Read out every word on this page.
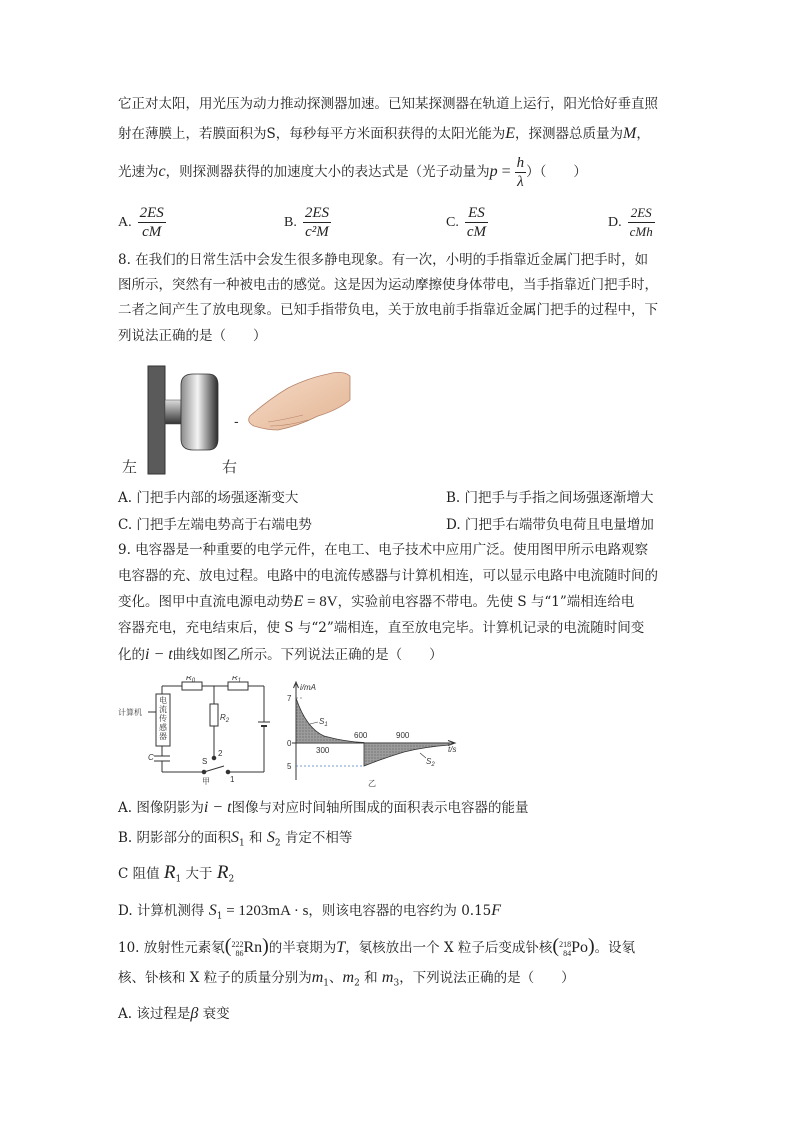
它正对太阳，用光压为动力推动探测器加速。已知某探测器在轨道上运行，阳光恰好垂直照
射在薄膜上，若膜面积为S，每秒每平方米面积获得的太阳光能为E，探测器总质量为M，
光速为c，则探测器获得的加速度大小的表达式是（光子动量为$p = \frac{h}{\lambda}$ ）（　　）
A. $\frac{2ES}{cM}$	B. $\frac{2ES}{\text{c²M}}$	C. $\frac{ES}{cM}$	D. $\frac{2ES}{\text{cMh}}$
8. 在我们的日常生活中会发生很多静电现象。有一次，小明的手指靠近金属门把手时，如
图所示，突然有一种被电击的感觉。这是因为运动摩擦使身体带电，当手指靠近门把手时，
二者之间产生了放电现象。已知手指带负电，关于放电前手指靠近金属门把手的过程中，下
列说法正确的是（　　）
-
左	右
A. 门把手内部的场强逐渐变大	B. 门把手与手指之间场强逐渐增大
C. 门把手左端电势高于右端电势	D. 门把手右端带负电荷且电量增加
9. 电容器是一种重要的电学元件，在电工、电子技术中应用广泛。使用图甲所示电路观察
电容器的充、放电过程。电路中的电流传感器与计算机相连，可以显示电路中电流随时间的
变化。图甲中直流电源电动势E = 8V，实验前电容器不带电。先使 S 与“1”端相连给电
容器充电，充电结束后，使 S 与“2”端相连，直至放电完毕。计算机记录的电流随时间变
化的i − t曲线如图乙所示。下列说法正确的是（　　）
计算机
电流传感器
$R_0$	$R_1$
$R_2$
C	S
2
1
甲
i/mA
t/s
7
5
0
300
600	900
$S_1$
$S_2$
乙
A. 图像阴影为i − t图像与对应时间轴所围成的面积表示电容器的能量
B. 阴影部分的面积$S_1$ 和 $S_2$ 肯定不相等
C 阻值 $R_1$ 大于 $R_2$
D. 计算机测得 $S_1 = 1203mA \cdot s$，则该电容器的电容约为 0.15F
10. 放射性元素氡( 222
86 Rn)的半衰期为T，氡核放出一个 X 粒子后变成钋核( 218
84 Po)。设氡
核、钋核和 X 粒子的质量分别为$m_1$、$m_2$ 和 $m_3$，下列说法正确的是（　　）
A. 该过程是β 衰变
